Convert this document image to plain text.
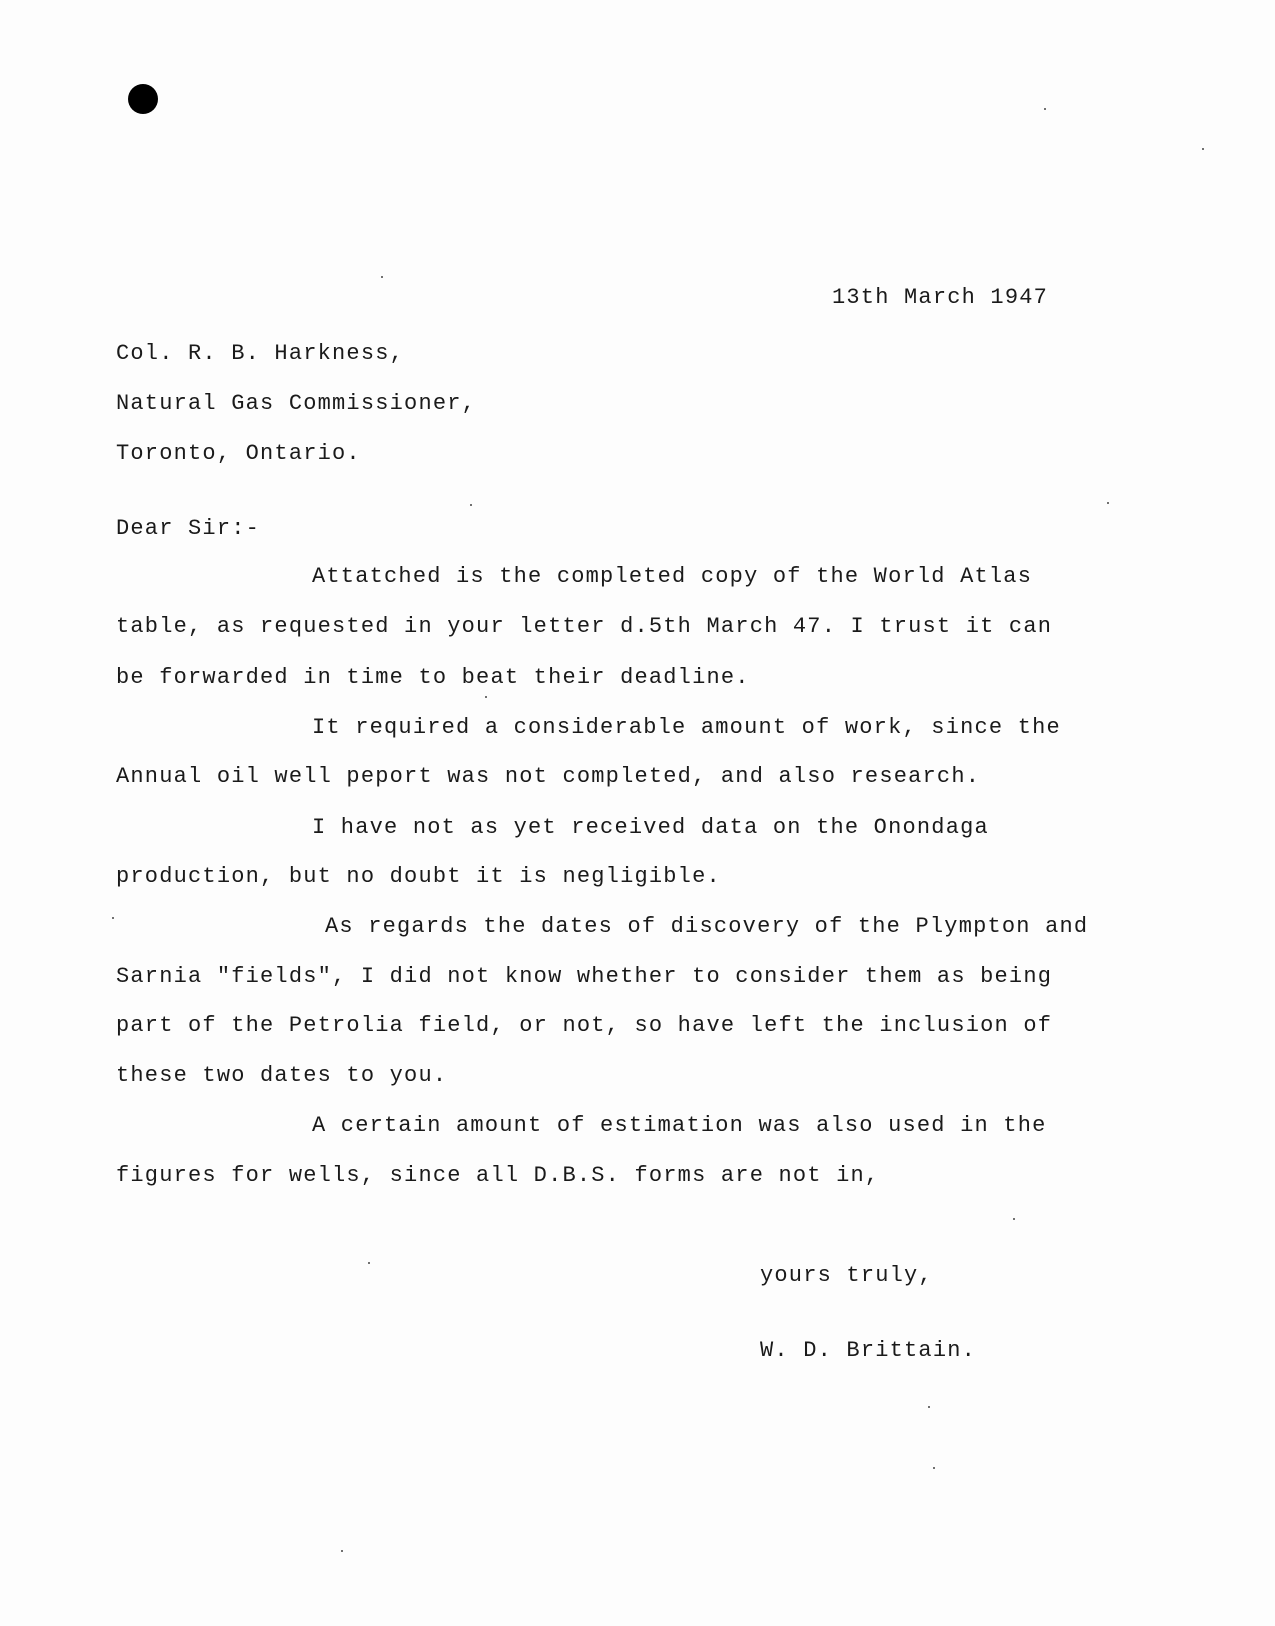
13th March 1947
Col. R. B. Harkness,
Natural Gas Commissioner,
Toronto, Ontario.
Dear Sir:-
Attatched is the completed copy of the World Atlas
table, as requested in your letter d.5th March 47. I trust it can
be forwarded in time to beat their deadline.
It required a considerable amount of work, since the
Annual oil well peport was not completed, and also research.
I have not as yet received data on the Onondaga
production, but no doubt it is negligible.
As regards the dates of discovery of the Plympton and
Sarnia "fields", I did not know whether to consider them as being
part of the Petrolia field, or not, so have left the inclusion of
these two dates to you.
A certain amount of estimation was also used in the
figures for wells, since all D.B.S. forms are not in,
yours truly,
W. D. Brittain.
